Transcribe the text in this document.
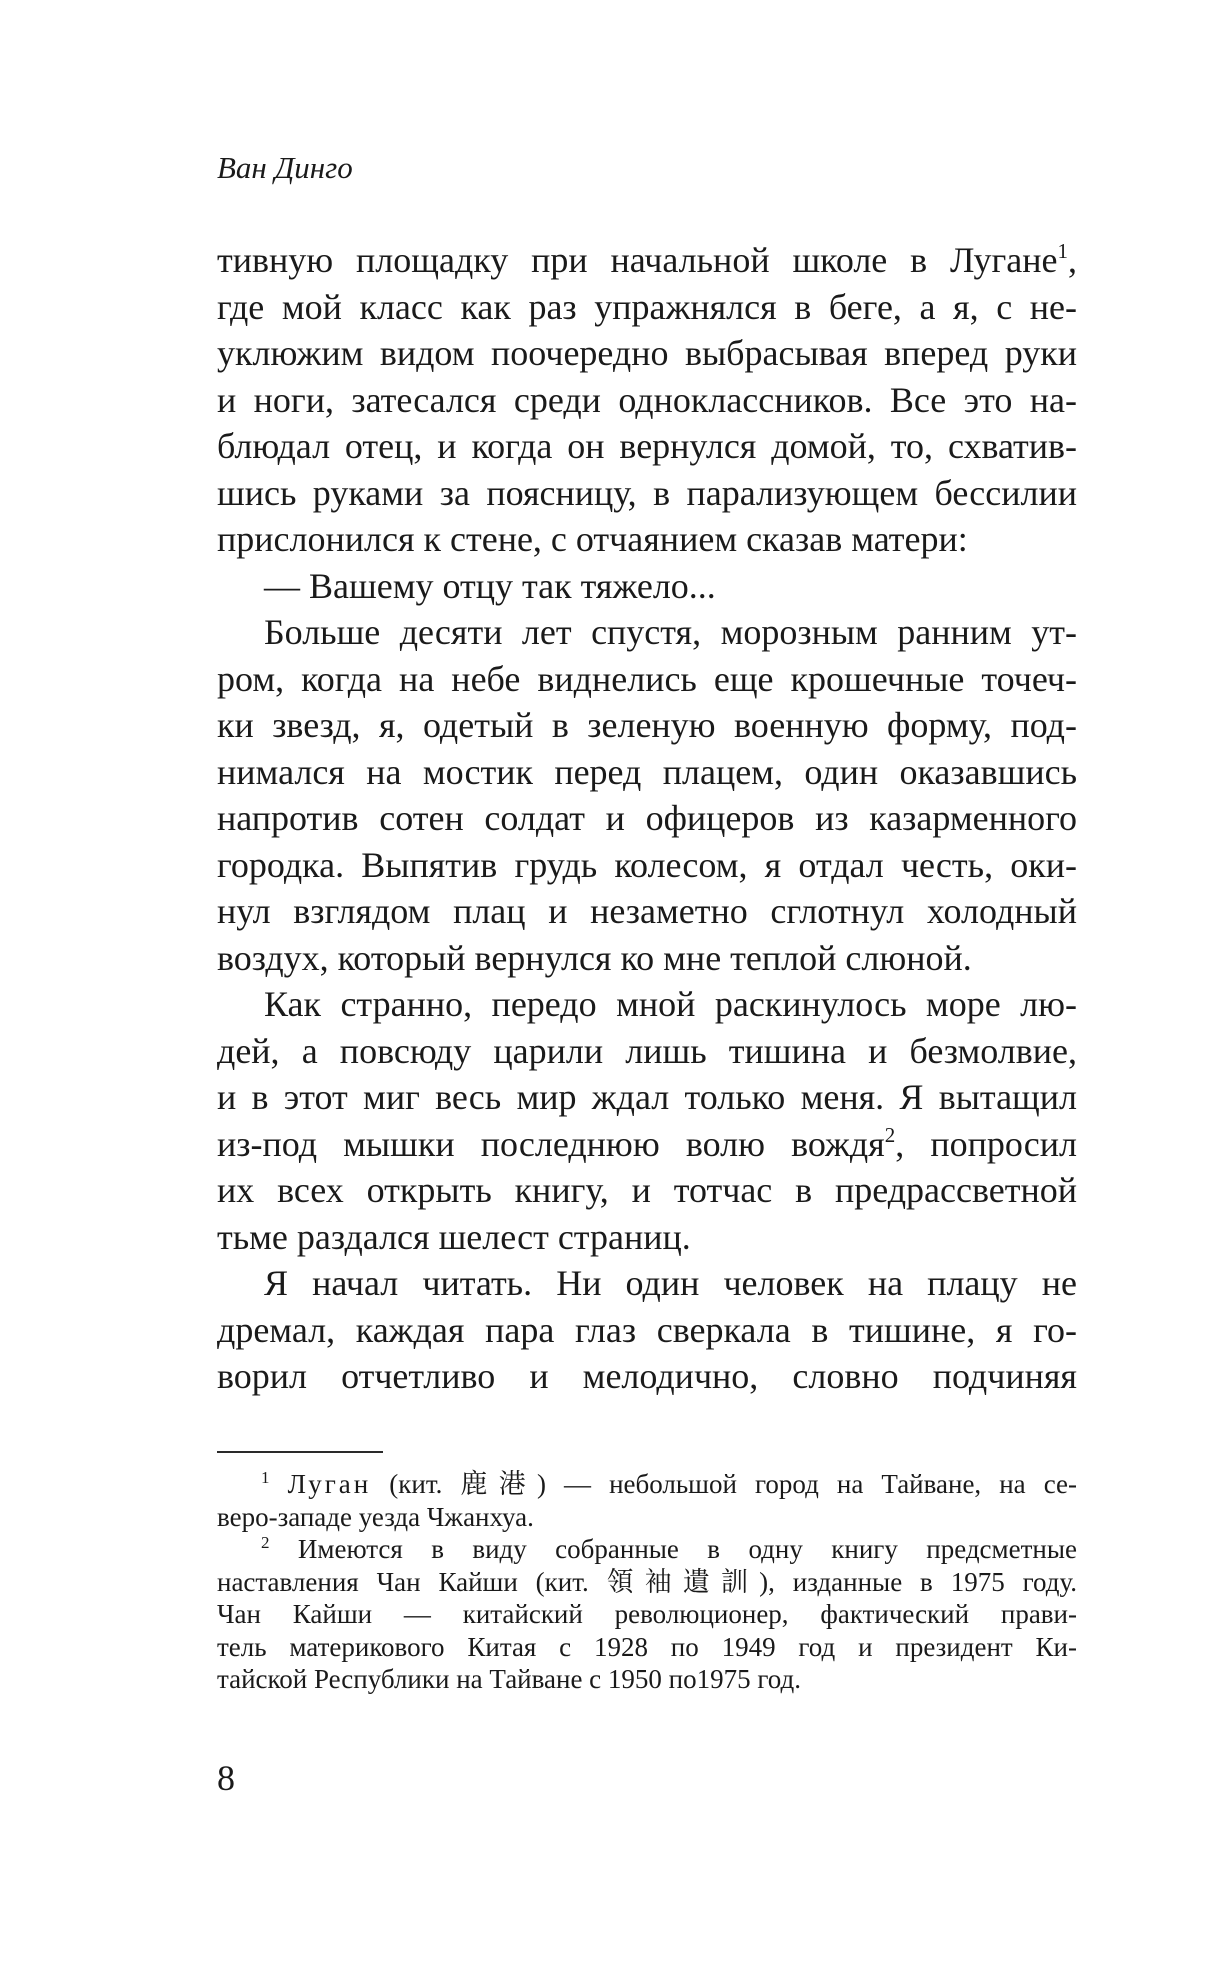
Ван Динго
тивную площадку при начальной школе в Лугане$^1$,
где мой класс как раз упражнялся в беге, а я, с не-
уклюжим видом поочередно выбрасывая вперед руки
и ноги, затесался среди одноклассников. Все это на-
блюдал отец, и когда он вернулся домой, то, схватив-
шись руками за поясницу, в парализующем бессилии
прислонился к стене, с отчаянием сказав матери:
— Вашему отцу так тяжело...
Больше десяти лет спустя, морозным ранним ут-
ром, когда на небе виднелись еще крошечные точеч-
ки звезд, я, одетый в зеленую военную форму, под-
нимался на мостик перед плацем, один оказавшись
напротив сотен солдат и офицеров из казарменного
городка. Выпятив грудь колесом, я отдал честь, оки-
нул взглядом плац и незаметно сглотнул холодный
воздух, который вернулся ко мне теплой слюной.
Как странно, передо мной раскинулось море лю-
дей, а повсюду царили лишь тишина и безмолвие,
и в этот миг весь мир ждал только меня. Я вытащил
из-под мышки последнюю волю вождя$^2$, попросил
их всех открыть книгу, и тотчас в предрассветной
тьме раздался шелест страниц.
Я начал читать. Ни один человек на плацу не
дремал, каждая пара глаз сверкала в тишине, я го-
ворил отчетливо и мелодично, словно подчиняя
$^1$ Луган (кит. 鹿港) — небольшой город на Тайване, на се-
веро-западе уезда Чжанхуа.
$^2$ Имеются в виду собранные в одну книгу предсметные
наставления Чан Кайши (кит. 領袖遺訓), изданные в 1975 году.
Чан Кайши — китайский революционер, фактический прави-
тель материкового Китая с 1928 по 1949 год и президент Ки-
тайской Республики на Тайване с 1950 по1975 год.
8
